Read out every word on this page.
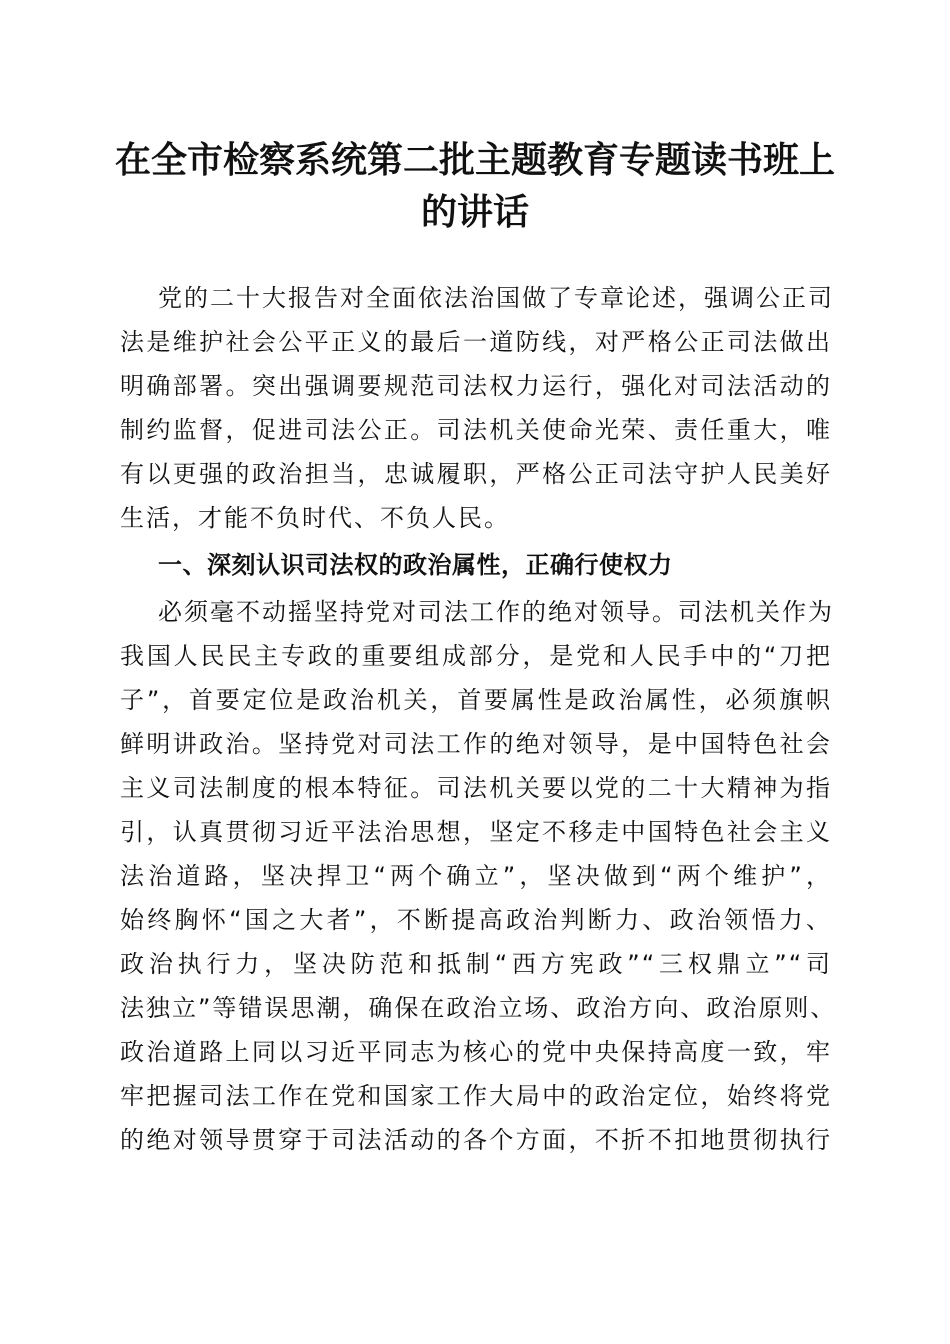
在全市检察系统第二批主题教育专题读书班上
的讲话
党的二十大报告对全面依法治国做了专章论述，强调公正司
法是维护社会公平正义的最后一道防线，对严格公正司法做出
明确部署。突出强调要规范司法权力运行，强化对司法活动的
制约监督，促进司法公正。司法机关使命光荣、责任重大，唯
有以更强的政治担当，忠诚履职，严格公正司法守护人民美好
生活，才能不负时代、不负人民。
一、深刻认识司法权的政治属性，正确行使权力
必须毫不动摇坚持党对司法工作的绝对领导。司法机关作为
我国人民民主专政的重要组成部分，是党和人民手中的“刀把
子”，首要定位是政治机关，首要属性是政治属性，必须旗帜
鲜明讲政治。坚持党对司法工作的绝对领导，是中国特色社会
主义司法制度的根本特征。司法机关要以党的二十大精神为指
引，认真贯彻习近平法治思想，坚定不移走中国特色社会主义
法治道路，坚决捍卫“两个确立”，坚决做到“两个维护”，
始终胸怀“国之大者”，不断提高政治判断力、政治领悟力、
政治执行力，坚决防范和抵制“西方宪政”“三权鼎立”“司
法独立”等错误思潮，确保在政治立场、政治方向、政治原则、
政治道路上同以习近平同志为核心的党中央保持高度一致，牢
牢把握司法工作在党和国家工作大局中的政治定位，始终将党
的绝对领导贯穿于司法活动的各个方面，不折不扣地贯彻执行
